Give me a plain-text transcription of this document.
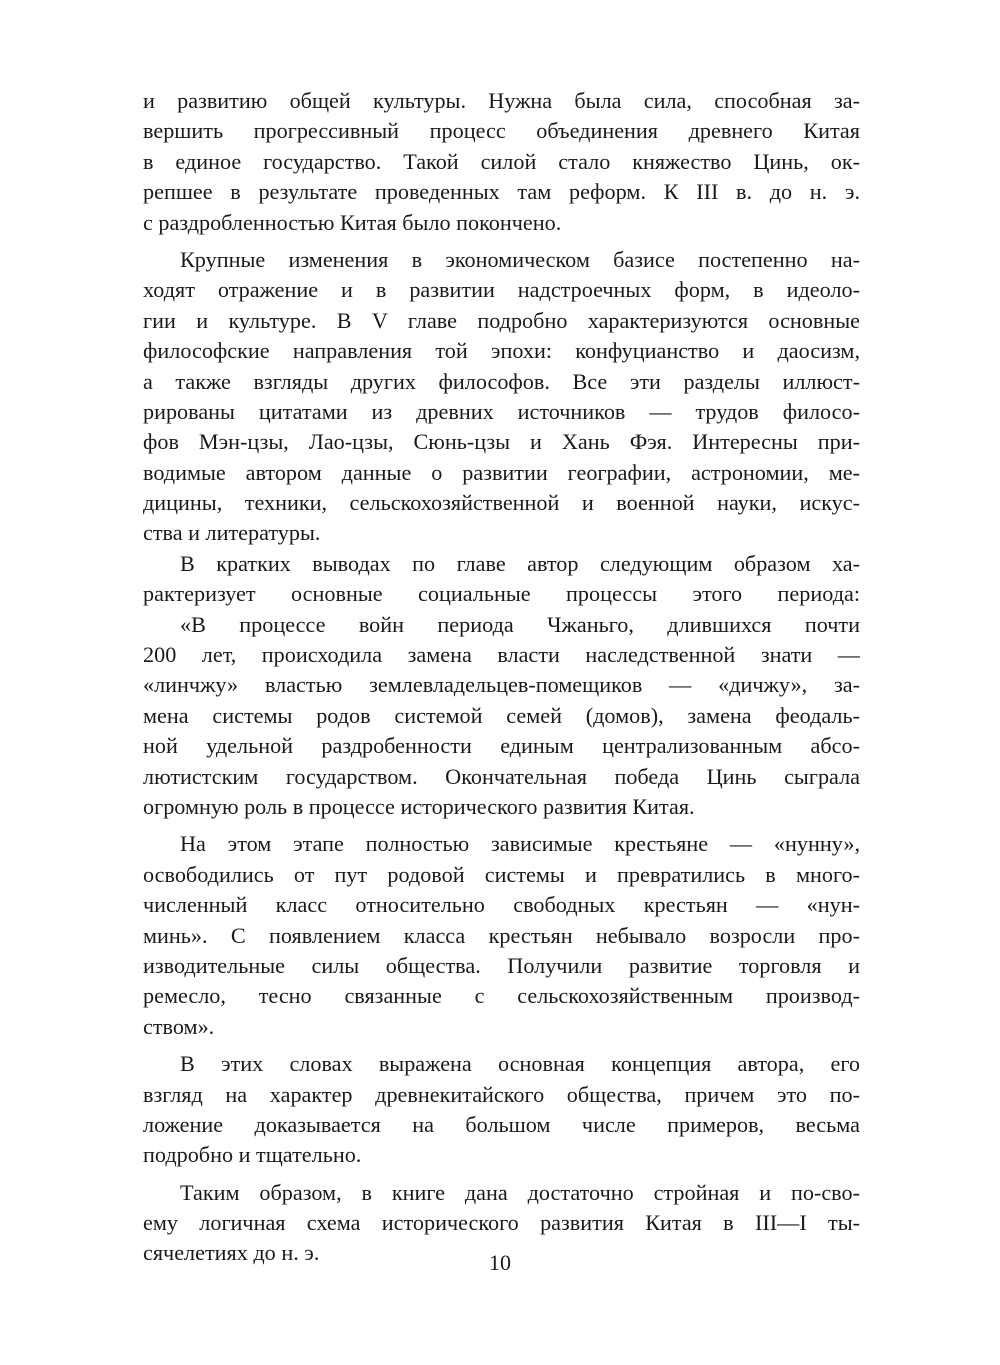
и развитию общей культуры. Нужна была сила, способная за-
вершить прогрессивный процесс объединения древнего Китая
в единое государство. Такой силой стало княжество Цинь, ок-
репшее в результате проведенных там реформ. К III в. до н. э.
с раздробленностью Китая было покончено.
Крупные изменения в экономическом базисе постепенно на-
ходят отражение и в развитии надстроечных форм, в идеоло-
гии и культуре. В V главе подробно характеризуются основные
философские направления той эпохи: конфуцианство и даосизм,
а также взгляды других философов. Все эти разделы иллюст-
рированы цитатами из древних источников — трудов филосо-
фов Мэн-цзы, Лао-цзы, Сюнь-цзы и Хань Фэя. Интересны при-
водимые автором данные о развитии географии, астрономии, ме-
дицины, техники, сельскохозяйственной и военной науки, искус-
ства и литературы.
В кратких выводах по главе автор следующим образом ха-
рактеризует основные социальные процессы этого периода:
«В процессе войн периода Чжаньго, длившихся почти
200 лет, происходила замена власти наследственной знати —
«линчжу» властью землевладельцев-помещиков — «дичжу», за-
мена системы родов системой семей (домов), замена феодаль-
ной удельной раздробенности единым централизованным абсо-
лютистским государством. Окончательная победа Цинь сыграла
огромную роль в процессе исторического развития Китая.
На этом этапе полностью зависимые крестьяне — «нунну»,
освободились от пут родовой системы и превратились в много-
численный класс относительно свободных крестьян — «нун-
минь». С появлением класса крестьян небывало возросли про-
изводительные силы общества. Получили развитие торговля и
ремесло, тесно связанные с сельскохозяйственным производ-
ством».
В этих словах выражена основная концепция автора, его
взгляд на характер древнекитайского общества, причем это по-
ложение доказывается на большом числе примеров, весьма
подробно и тщательно.
Таким образом, в книге дана достаточно стройная и по-сво-
ему логичная схема исторического развития Китая в III—I ты-
сячелетиях до н. э.	10
